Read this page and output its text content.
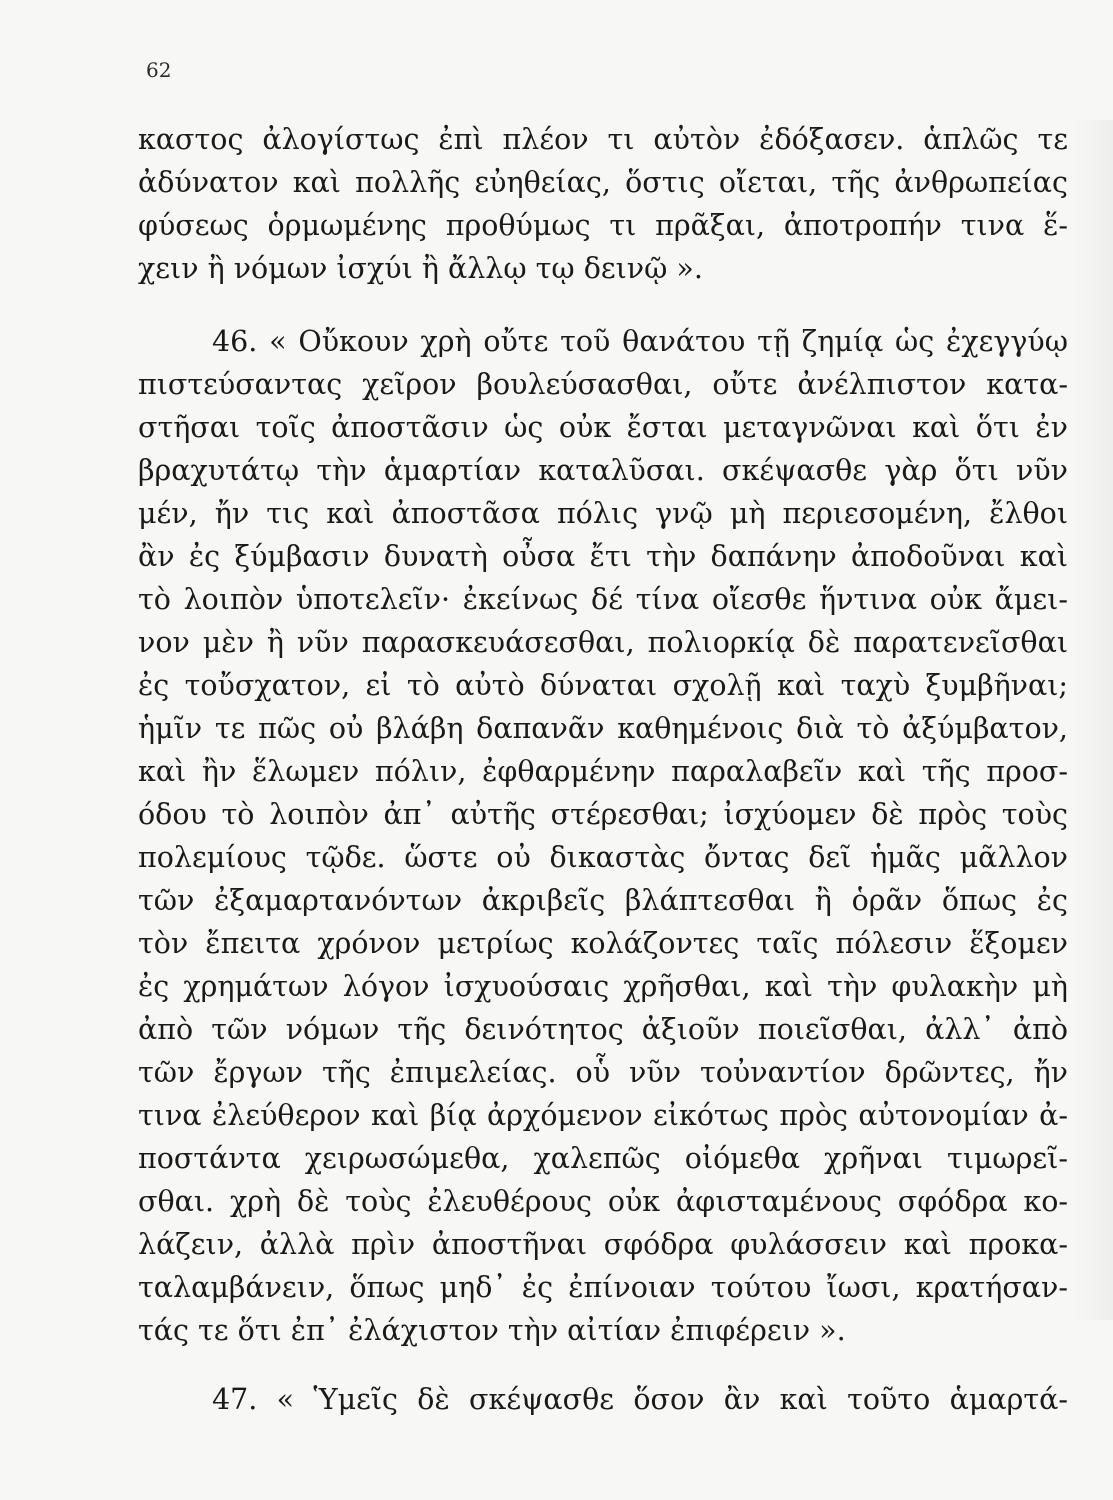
62
καστος ἀλογίστως ἐπὶ πλέον τι αὐτὸν ἐδόξασεν. ἁπλῶς τε
ἀδύνατον καὶ πολλῆς εὐηθείας, ὅστις οἴεται, τῆς ἀνθρωπείας
φύσεως ὁρμωμένης προθύμως τι πρᾶξαι, ἀποτροπήν τινα ἕ-
χειν ἢ νόμων ἰσχύι ἢ ἄλλῳ τῳ δεινῷ ».
46. « Οὔκουν χρὴ οὔτε τοῦ θανάτου τῇ ζημίᾳ ὡς ἐχεγγύῳ
πιστεύσαντας χεῖρον βουλεύσασθαι, οὔτε ἀνέλπιστον κατα-
στῆσαι τοῖς ἀποστᾶσιν ὡς οὐκ ἔσται μεταγνῶναι καὶ ὅτι ἐν
βραχυτάτῳ τὴν ἁμαρτίαν καταλῦσαι. σκέψασθε γὰρ ὅτι νῦν
μέν, ἤν τις καὶ ἀποστᾶσα πόλις γνῷ μὴ περιεσομένη, ἔλθοι
ἂν ἐς ξύμβασιν δυνατὴ οὖσα ἔτι τὴν δαπάνην ἀποδοῦναι καὶ
τὸ λοιπὸν ὑποτελεῖν· ἐκείνως δέ τίνα οἴεσθε ἥντινα οὐκ ἄμει-
νον μὲν ἢ νῦν παρασκευάσεσθαι, πολιορκίᾳ δὲ παρατενεῖσθαι
ἐς τοὔσχατον, εἰ τὸ αὐτὸ δύναται σχολῇ καὶ ταχὺ ξυμβῆναι;
ἡμῖν τε πῶς οὐ βλάβη δαπανᾶν καθημένοις διὰ τὸ ἀξύμβατον,
καὶ ἢν ἕλωμεν πόλιν, ἐφθαρμένην παραλαβεῖν καὶ τῆς προσ-
όδου τὸ λοιπὸν ἀπ᾽ αὐτῆς στέρεσθαι; ἰσχύομεν δὲ πρὸς τοὺς
πολεμίους τῷδε. ὥστε οὐ δικαστὰς ὄντας δεῖ ἡμᾶς μᾶλλον
τῶν ἐξαμαρτανόντων ἀκριβεῖς βλάπτεσθαι ἢ ὁρᾶν ὅπως ἐς
τὸν ἔπειτα χρόνον μετρίως κολάζοντες ταῖς πόλεσιν ἕξομεν
ἐς χρημάτων λόγον ἰσχυούσαις χρῆσθαι, καὶ τὴν φυλακὴν μὴ
ἀπὸ τῶν νόμων τῆς δεινότητος ἀξιοῦν ποιεῖσθαι, ἀλλ᾽ ἀπὸ
τῶν ἔργων τῆς ἐπιμελείας. οὗ νῦν τοὐναντίον δρῶντες, ἤν
τινα ἐλεύθερον καὶ βίᾳ ἀρχόμενον εἰκότως πρὸς αὐτονομίαν ἀ-
ποστάντα χειρωσώμεθα, χαλεπῶς οἰόμεθα χρῆναι τιμωρεῖ-
σθαι. χρὴ δὲ τοὺς ἐλευθέρους οὐκ ἀφισταμένους σφόδρα κο-
λάζειν, ἀλλὰ πρὶν ἀποστῆναι σφόδρα φυλάσσειν καὶ προκα-
ταλαμβάνειν, ὅπως μηδ᾽ ἐς ἐπίνοιαν τούτου ἴωσι, κρατήσαν-
τάς τε ὅτι ἐπ᾽ ἐλάχιστον τὴν αἰτίαν ἐπιφέρειν ».
47. « Ὑμεῖς δὲ σκέψασθε ὅσον ἂν καὶ τοῦτο ἁμαρτά-
